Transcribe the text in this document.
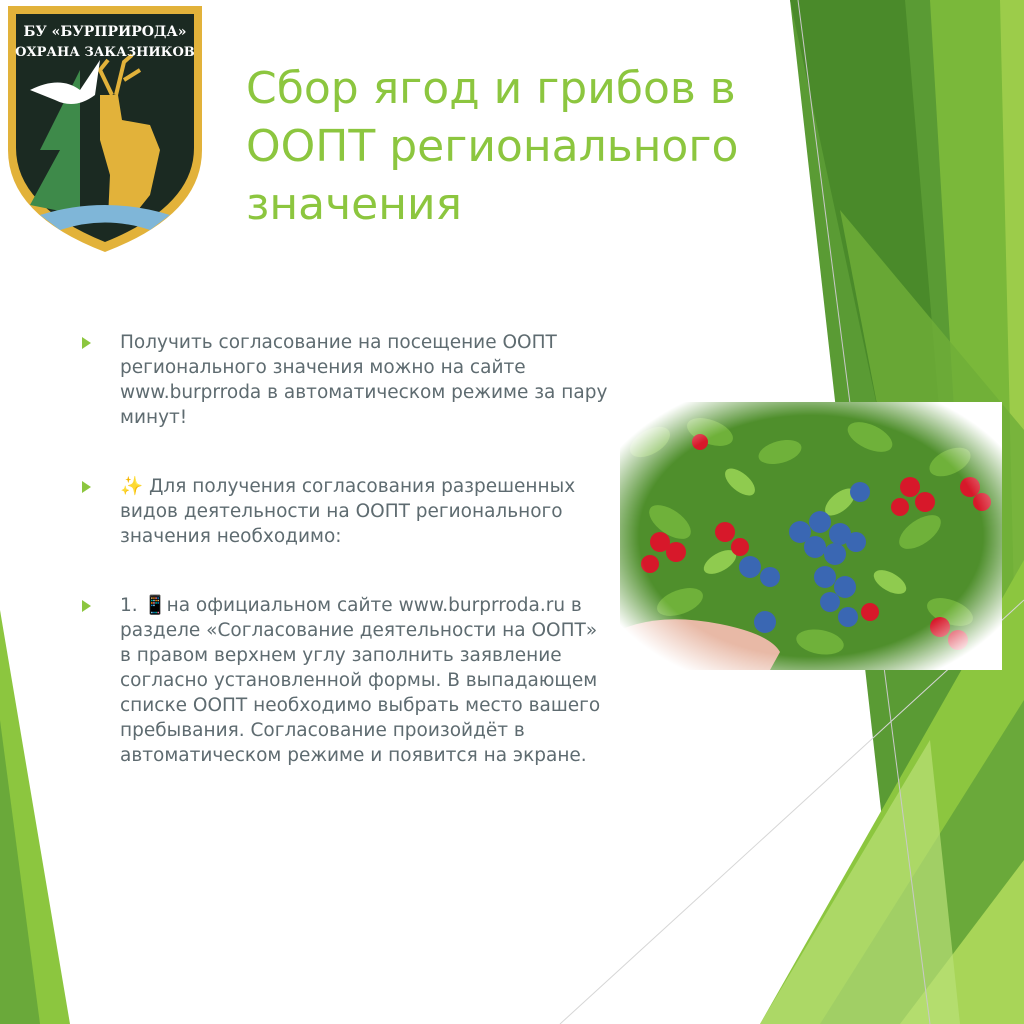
БУ «БУРПРИРОДА»
ОХРАНА ЗАКАЗНИКОВ
Сбор ягод и грибов в
ООПТ регионального
значения
Получить согласование на посещение ООПТ регионального значения можно на сайте www.burprroda в автоматическом режиме за пару минут!
✨ Для получения согласования разрешенных видов деятельности на ООПТ регионального значения необходимо:
1. 📱на официальном сайте www.burprroda.ru в разделе «Согласование деятельности на ООПТ» в правом верхнем углу заполнить заявление согласно установленной формы. В выпадающем списке ООПТ необходимо выбрать место вашего пребывания. Согласование произойдёт в автоматическом режиме и появится на экране.
